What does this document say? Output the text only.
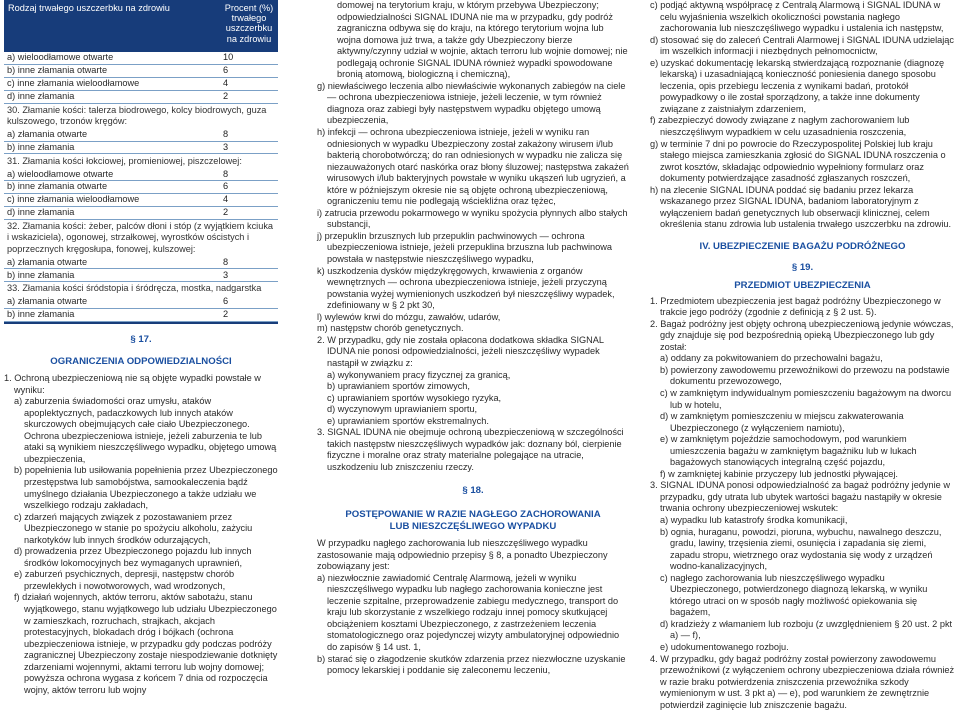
Rodzaj trwałego uszczerbku na zdrowiu	Procent (%) trwałego uszczerbku na zdrowiu
a) wieloodłamowe otwarte	10
b) inne złamania otwarte	6
c) inne złamania wieloodłamowe	4
d) inne złamania	2
30. Złamanie kości: talerza biodrowego, kolcy biodrowych, guza kulszowego, trzonów kręgów:	
a) złamania otwarte	8
b) inne złamania	3
31. Złamania kości łokciowej, promieniowej, piszczelowej:	
a) wieloodłamowe otwarte	8
b) inne złamania otwarte	6
c) inne złamania wieloodłamowe	4
d) inne złamania	2
32. Złamania kości: żeber, palców dłoni i stóp (z wyjątkiem kciuka i wskaziciela), ogonowej, strzałkowej, wyrostków ościstych i poprzecznych kręgosłupa, fonowej, kulszowej:	
a) złamania otwarte	8
b) inne złamania	3
33. Złamania kości śródstopia i śródręcza, mostka, nadgarstka	
a) złamania otwarte	6
b) inne złamania	2
§ 17.
OGRANICZENIA ODPOWIEDZIALNOŚCI

1. Ochroną ubezpieczeniową nie są objęte wypadki powstałe w wyniku:

a) zaburzenia świadomości oraz umysłu, ataków apoplektycznych, padaczkowych lub innych ataków skurczowych obejmujących całe ciało Ubezpieczonego.

Ochrona ubezpieczeniowa istnieje, jeżeli zaburzenia te lub ataki są wynikiem nieszczęśliwego wypadku, objętego umową ubezpieczenia,

b) popełnienia lub usiłowania popełnienia przez Ubezpieczonego przestępstwa lub samobójstwa, samookaleczenia bądź umyślnego działania Ubezpieczonego a także udziału we wszelkiego rodzaju zakładach,

c) zdarzeń mających związek z pozostawaniem przez Ubezpieczonego w stanie po spożyciu alkoholu, zażyciu narkotyków lub innych środków odurzających,

d) prowadzenia przez Ubezpieczonego pojazdu lub innych środków lokomocyjnych bez wymaganych uprawnień,

e) zaburzeń psychicznych, depresji, następstw chorób przewlekłych i nowotworowych, wad wrodzonych,

f) działań wojennych, aktów terroru, aktów sabotażu, stanu wyjątkowego, stanu wyjątkowego lub udziału Ubezpieczonego w zamieszkach, rozruchach, strajkach, akcjach protestacyjnych, blokadach dróg i bójkach (ochrona ubezpieczeniowa istnieje, w przypadku gdy podczas podróży zagranicznej Ubezpieczony zostaje niespodziewanie dotknięty zdarzeniami wojennymi, aktami terroru lub wojny domowej; powyższa ochrona wygasa z końcem 7 dnia od rozpoczęcia wojny, aktów terroru lub wojny

domowej na terytorium kraju, w którym przebywa Ubezpieczony; odpowiedzialności SIGNAL IDUNA nie ma w przypadku, gdy podróż zagraniczna odbywa się do kraju, na którego terytorium wojna lub wojna domowa już trwa, a także gdy Ubezpieczony bierze aktywny/czynny udział w wojnie, aktach terroru lub wojnie domowej; nie podlegają ochronie SIGNAL IDUNA również wypadki spowodowane bronią atomową, biologiczną i chemiczną),

g) niewłaściwego leczenia albo niewłaściwie wykonanych zabiegów na ciele — ochrona ubezpieczeniowa istnieje, jeżeli leczenie, w tym również diagnoza oraz zabiegi były następstwem wypadku objętego umową ubezpieczenia,

h) infekcji — ochrona ubezpieczeniowa istnieje, jeżeli w wyniku ran odniesionych w wypadku Ubezpieczony został zakażony wirusem i/lub bakterią chorobotwórczą; do ran odniesionych w wypadku nie zalicza się niezauważonych otarć naskórka oraz błony śluzowej; następstwa zakażeń wirusowych i/lub bakteryjnych powstałe w wyniku ukąszeń lub ugryzień, a które w późniejszym okresie nie są objęte ochroną ubezpieczeniową, ograniczeniu temu nie podlegają wściekliźna oraz tężec,

i) zatrucia przewodu pokarmowego w wyniku spożycia płynnych albo stałych substancji,

j) przepuklin brzusznych lub przepuklin pachwinowych — ochrona ubezpieczeniowa istnieje, jeżeli przepuklina brzuszna lub pachwinowa powstała w następstwie nieszczęśliwego wypadku,

k) uszkodzenia dysków międzykręgowych, krwawienia z organów wewnętrznych — ochrona ubezpieczeniowa istnieje, jeżeli przyczyną powstania wyżej wymienionych uszkodzeń był nieszczęśliwy wypadek, zdefiniowany w § 2 pkt 30,

l) wylewów krwi do mózgu, zawałów, udarów,

m) następstw chorób genetycznych.

2. W przypadku, gdy nie została opłacona dodatkowa składka SIGNAL IDUNA nie ponosi odpowiedzialności, jeżeli nieszczęśliwy wypadek nastąpił w związku z:

a) wykonywaniem pracy fizycznej za granicą,

b) uprawianiem sportów zimowych,

c) uprawianiem sportów wysokiego ryzyka,

d) wyczynowym uprawianiem sportu,

e) uprawianiem sportów ekstremalnych.

3. SIGNAL IDUNA nie obejmuje ochroną ubezpieczeniową w szczególności takich następstw nieszczęśliwych wypadków jak: doznany ból, cierpienie fizyczne i moralne oraz straty materialne polegające na utracie, uszkodzeniu lub zniszczeniu rzeczy.

§ 18.
POSTĘPOWANIE W RAZIE NAGŁEGO ZACHOROWANIA
LUB NIESZCZĘŚLIWEGO WYPADKU

W przypadku nagłego zachorowania lub nieszczęśliwego wypadku zastosowanie mają odpowiednio przepisy § 8, a ponadto Ubezpieczony zobowiązany jest:

a) niezwłocznie zawiadomić Centralę Alarmową, jeżeli w wyniku nieszczęśliwego wypadku lub nagłego zachorowania konieczne jest leczenie szpitalne, przeprowadzenie zabiegu medycznego, transport do kraju lub skorzystanie z wszelkiego rodzaju innej pomocy skutkującej obciążeniem kosztami Ubezpieczonego, z zastrzeżeniem leczenia stomatologicznego oraz pojedynczej wizyty ambulatoryjnej odpowiednio do zapisów § 14 ust. 1,

b) starać się o złagodzenie skutków zdarzenia przez niezwłoczne uzyskanie pomocy lekarskiej i poddanie się zaleconemu leczeniu,

c) podjąć aktywną współpracę z Centralą Alarmową i SIGNAL IDUNA w celu wyjaśnienia wszelkich okoliczności powstania nagłego zachorowania lub nieszczęśliwego wypadku i ustalenia ich następstw,

d) stosować się do zaleceń Centrali Alarmowej i SIGNAL IDUNA udzielając im wszelkich informacji i niezbędnych pełnomocnictw,

e) uzyskać dokumentację lekarską stwierdzającą rozpoznanie (diagnozę lekarską) i uzasadniającą konieczność poniesienia danego sposobu leczenia, opis przebiegu leczenia z wynikami badań, protokół powypadkowy o ile został sporządzony, a także inne dokumenty związane z zaistniałym zdarzeniem,

f) zabezpieczyć dowody związane z nagłym zachorowaniem lub nieszczęśliwym wypadkiem w celu uzasadnienia roszczenia,

g) w terminie 7 dni po powrocie do Rzeczypospolitej Polskiej lub kraju stałego miejsca zamieszkania zgłosić do SIGNAL IDUNA roszczenia o zwrot kosztów, składając odpowiednio wypełniony formularz oraz dokumenty potwierdzające zasadność zgłaszanych roszczeń,

h) na zlecenie SIGNAL IDUNA poddać się badaniu przez lekarza wskazanego przez SIGNAL IDUNA, badaniom laboratoryjnym z wyłączeniem badań genetycznych lub obserwacji klinicznej, celem określenia stanu zdrowia lub ustalenia trwałego uszczerbku na zdrowiu.

IV. UBEZPIECZENIE BAGAŻU PODRÓŻNEGO
§ 19.
PRZEDMIOT UBEZPIECZENIA

1. Przedmiotem ubezpieczenia jest bagaż podróżny Ubezpieczonego w trakcie jego podróży (zgodnie z definicją z § 2 ust. 5).

2. Bagaż podróżny jest objęty ochroną ubezpieczeniową jedynie wówczas, gdy znajduje się pod bezpośrednią opieką Ubezpieczonego lub gdy został:

a) oddany za pokwitowaniem do przechowalni bagażu,

b) powierzony zawodowemu przewoźnikowi do przewozu na podstawie dokumentu przewozowego,

c) w zamkniętym indywidualnym pomieszczeniu bagażowym na dworcu lub w hotelu,

d) w zamkniętym pomieszczeniu w miejscu zakwaterowania Ubezpieczonego (z wyłączeniem namiotu),

e) w zamkniętym pojeździe samochodowym, pod warunkiem umieszczenia bagażu w zamkniętym bagażniku lub w lukach bagażowych stanowiących integralną część pojazdu,

f) w zamkniętej kabinie przyczepy lub jednostki pływającej.

3. SIGNAL IDUNA ponosi odpowiedzialność za bagaż podróżny jedynie w przypadku, gdy utrata lub ubytek wartości bagażu nastąpiły w okresie trwania ochrony ubezpieczeniowej wskutek:

a) wypadku lub katastrofy środka komunikacji,

b) ognia, huraganu, powodzi, pioruna, wybuchu, nawalnego deszczu, gradu, lawiny, trzęsienia ziemi, osunięcia i zapadania się ziemi, zapadu stropu, wietrznego oraz wydostania się wody z urządzeń wodno-kanalizacyjnych,

c) nagłego zachorowania lub nieszczęśliwego wypadku Ubezpieczonego, potwierdzonego diagnozą lekarską, w wyniku którego utraci on w sposób nagły możliwość opiekowania się bagażem,

d) kradzieży z włamaniem lub rozboju (z uwzględnieniem § 20 ust. 2 pkt a) — f),

e) udokumentowanego rozboju.

4. W przypadku, gdy bagaż podróżny został powierzony zawodowemu przewoźnikowi (z wyłączeniem ochrony ubezpieczeniowa działa również w razie braku potwierdzenia zniszczenia przewoźnika szkody wymienionym w ust. 3 pkt a) — e), pod warunkiem że zewnętrznie potwierdził zaginięcie lub zniszczenie bagażu.
